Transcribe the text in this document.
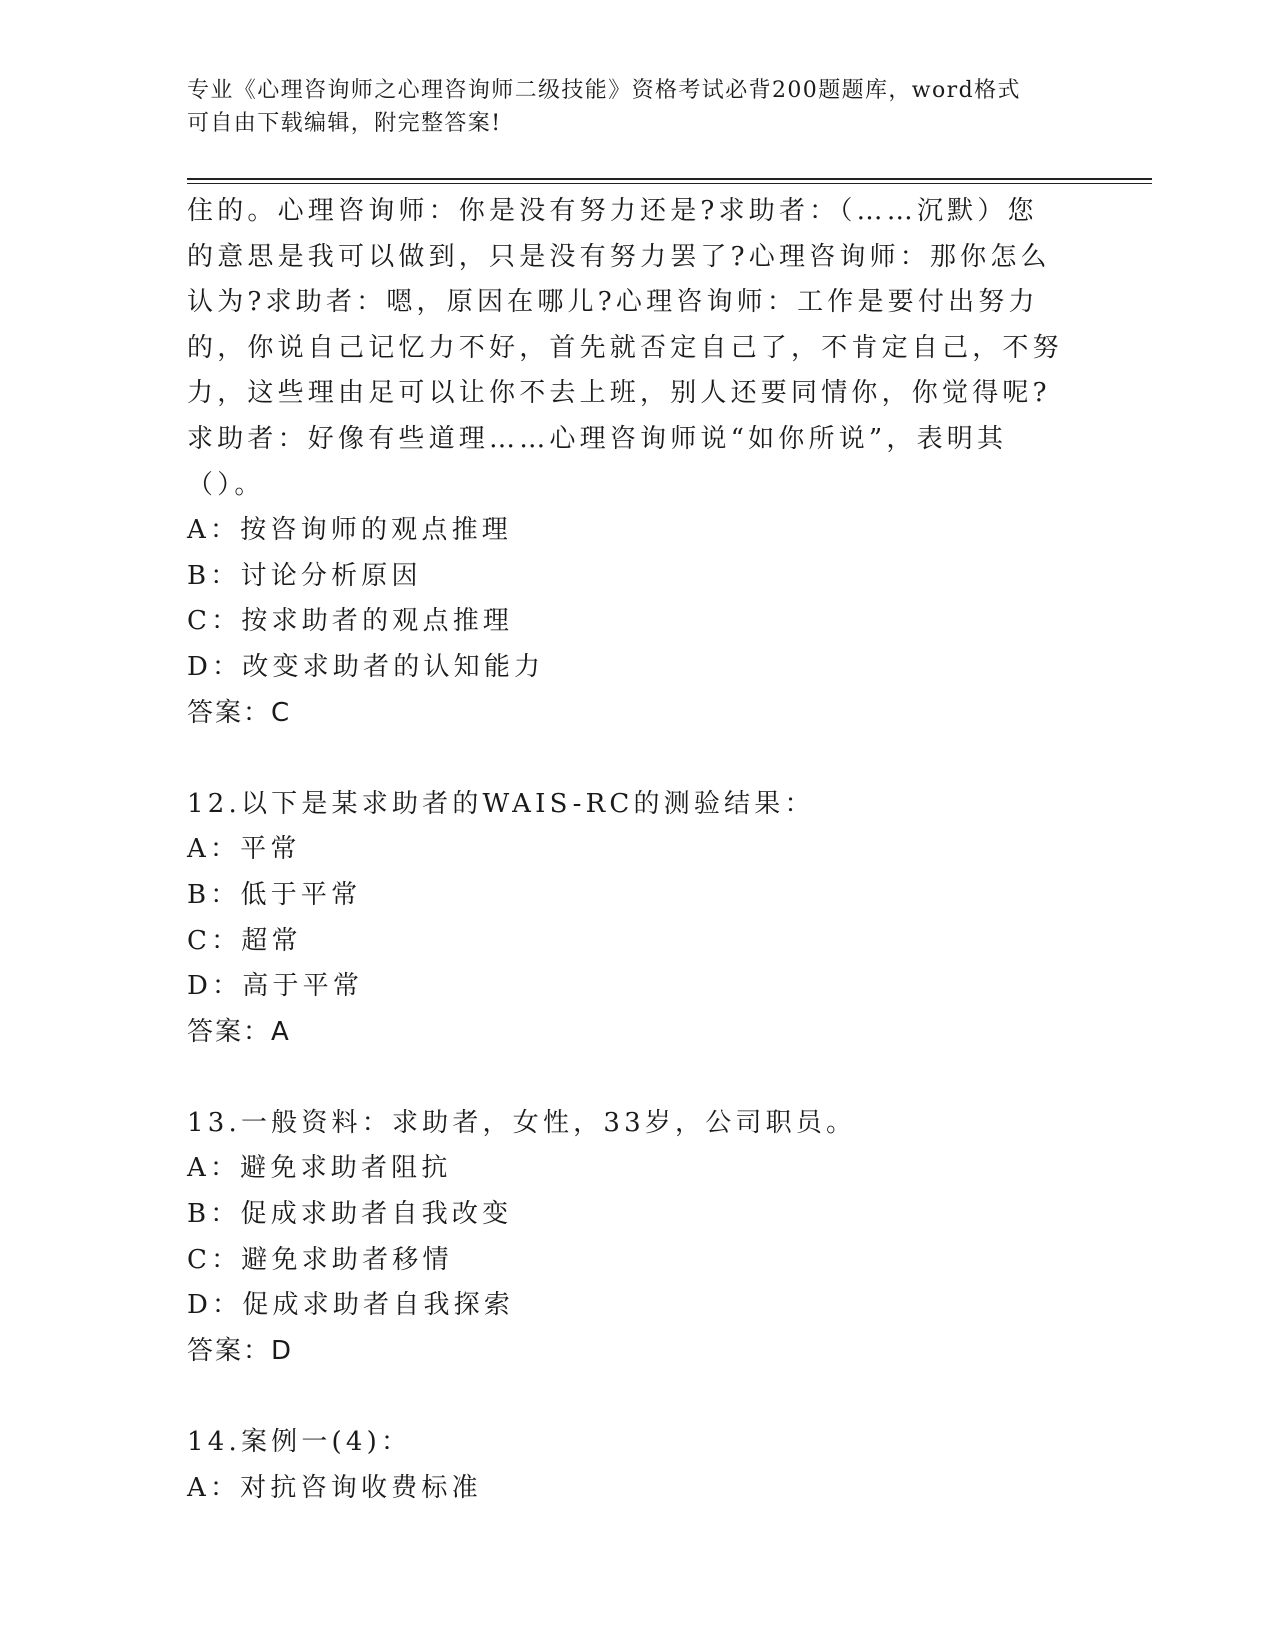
专业《心理咨询师之心理咨询师二级技能》资格考试必背200题题库，word格式
可自由下载编辑，附完整答案!
住的。心理咨询师：你是没有努力还是?求助者：（……沉默）您的意思是我可以做到，只是没有努力罢了?心理咨询师：那你怎么认为?求助者：嗯，原因在哪儿?心理咨询师：工作是要付出努力的，你说自己记忆力不好，首先就否定自己了，不肯定自己，不努力，这些理由足可以让你不去上班，别人还要同情你，你觉得呢?求助者：好像有些道理……心理咨询师说“如你所说”，表明其（）。
A：按咨询师的观点推理
B：讨论分析原因
C：按求助者的观点推理
D：改变求助者的认知能力
答案：C
12.以下是某求助者的WAIS-RC的测验结果：
A：平常
B：低于平常
C：超常
D：高于平常
答案：A
13.一般资料：求助者，女性，33岁，公司职员。
A：避免求助者阻抗
B：促成求助者自我改变
C：避免求助者移情
D：促成求助者自我探索
答案：D
14.案例一(4)：
A：对抗咨询收费标准
